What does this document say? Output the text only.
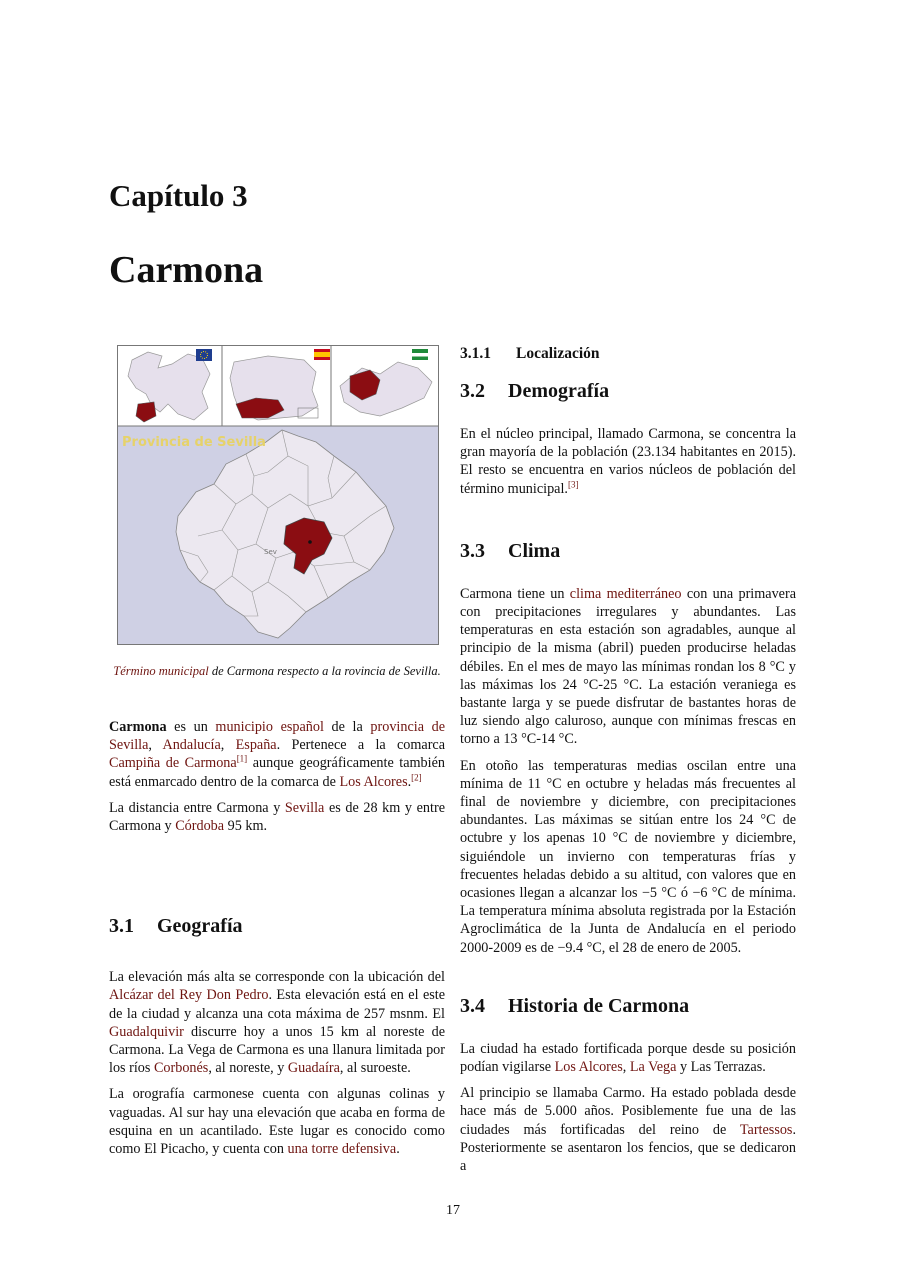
Capítulo 3
Carmona
Sev
Provincia de Sevilla
Término municipal de Carmona respecto a la rovincia de Sevilla.

Carmona es un municipio español de la provincia de Sevilla, Andalucía, España. Pertenece a la comarca Campiña de Carmona[1] aunque geográficamente también está enmarcado dentro de la comarca de Los Alcores.[2]

La distancia entre Carmona y Sevilla es de 28 km y entre Carmona y Córdoba 95 km.

3.1 Geografía

La elevación más alta se corresponde con la ubicación del Alcázar del Rey Don Pedro. Esta elevación está en el este de la ciudad y alcanza una cota máxima de 257 msnm. El Guadalquivir discurre hoy a unos 15 km al noreste de Carmona. La Vega de Carmona es una llanura limitada por los ríos Corbonés, al noreste, y Guadaíra, al suroeste.

La orografía carmonese cuenta con algunas colinas y vaguadas. Al sur hay una elevación que acaba en forma de esquina en un acantilado. Este lugar es conocido como como El Picacho, y cuenta con una torre defensiva.

3.1.1 Localización
3.2 Demografía

En el núcleo principal, llamado Carmona, se concentra la gran mayoría de la población (23.134 habitantes en 2015). El resto se encuentra en varios núcleos de población del término municipal.[3]

3.3 Clima

Carmona tiene un clima mediterráneo con una primavera con precipitaciones irregulares y abundantes. Las temperaturas en esta estación son agradables, aunque al principio de la misma (abril) pueden producirse heladas débiles. En el mes de mayo las mínimas rondan los 8 °C y las máximas los 24 °C-25 °C. La estación veraniega es bastante larga y se puede disfrutar de bastantes horas de luz siendo algo caluroso, aunque con mínimas frescas en torno a 13 °C-14 °C.

En otoño las temperaturas medias oscilan entre una mínima de 11 °C en octubre y heladas más frecuentes al final de noviembre y diciembre, con precipitaciones abundantes. Las máximas se sitúan entre los 24 °C de octubre y los apenas 10 °C de noviembre y diciembre, siguiéndole un invierno con temperaturas frías y frecuentes heladas debido a su altitud, con valores que en ocasiones llegan a alcanzar los −5 °C ó −6 °C de mínima. La temperatura mínima absoluta registrada por la Estación Agroclimática de la Junta de Andalucía en el periodo 2000-2009 es de −9.4 °C, el 28 de enero de 2005.

3.4 Historia de Carmona

La ciudad ha estado fortificada porque desde su posición podían vigilarse Los Alcores, La Vega y Las Terrazas.

Al principio se llamaba Carmo. Ha estado poblada desde hace más de 5.000 años. Posiblemente fue una de las ciudades más fortificadas del reino de Tartessos. Posteriormente se asentaron los fencios, que se dedicaron a

17
